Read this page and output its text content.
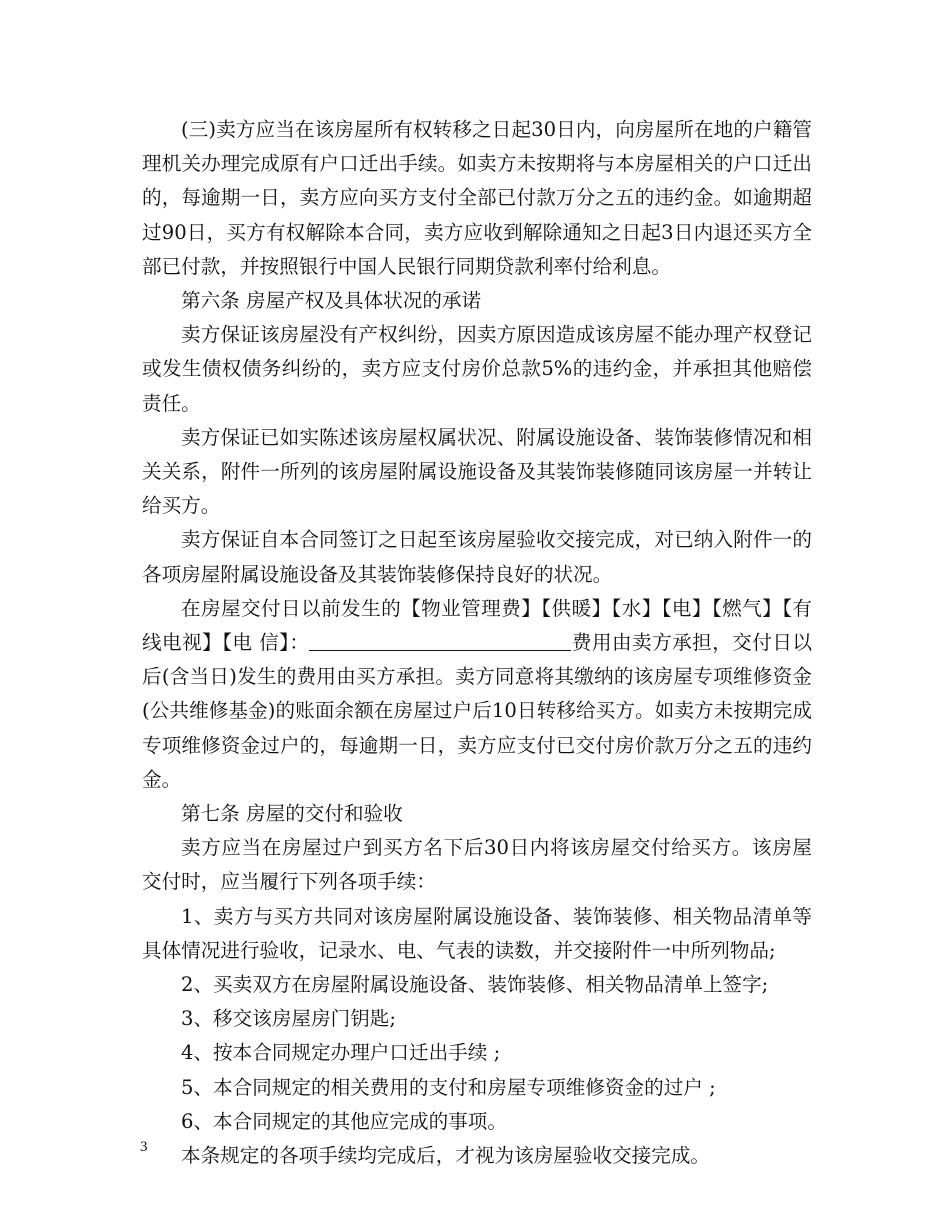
(三)卖方应当在该房屋所有权转移之日起30日内，向房屋所在地的户籍管理机关办理完成原有户口迁出手续。如卖方未按期将与本房屋相关的户口迁出的，每逾期一日，卖方应向买方支付全部已付款万分之五的违约金。如逾期超过90日，买方有权解除本合同，卖方应收到解除通知之日起3日内退还买方全部已付款，并按照银行中国人民银行同期贷款利率付给利息。

第六条 房屋产权及具体状况的承诺

卖方保证该房屋没有产权纠纷，因卖方原因造成该房屋不能办理产权登记或发生债权债务纠纷的，卖方应支付房价总款5%的违约金，并承担其他赔偿责任。

卖方保证已如实陈述该房屋权属状况、附属设施设备、装饰装修情况和相关关系，附件一所列的该房屋附属设施设备及其装饰装修随同该房屋一并转让给买方。

卖方保证自本合同签订之日起至该房屋验收交接完成，对已纳入附件一的各项房屋附属设施设备及其装饰装修保持良好的状况。

在房屋交付日以前发生的【物业管理费】【供暖】【水】【电】【燃气】【有线电视】【电 信】：	费用由卖方承担，交付日以后(含当日)发生的费用由买方承担。卖方同意将其缴纳的该房屋专项维修资金(公共维修基金)的账面余额在房屋过户后10日转移给买方。如卖方未按期完成专项维修资金过户的，每逾期一日，卖方应支付已交付房价款万分之五的违约金。

第七条 房屋的交付和验收

卖方应当在房屋过户到买方名下后30日内将该房屋交付给买方。该房屋交付时，应当履行下列各项手续：

1、卖方与买方共同对该房屋附属设施设备、装饰装修、相关物品清单等具体情况进行验收，记录水、电、气表的读数，并交接附件一中所列物品;

2、买卖双方在房屋附属设施设备、装饰装修、相关物品清单上签字;

3、移交该房屋房门钥匙;

4、按本合同规定办理户口迁出手续 ;

5、本合同规定的相关费用的支付和房屋专项维修资金的过户 ;

6、本合同规定的其他应完成的事项。

本条规定的各项手续均完成后，才视为该房屋验收交接完成。

3
